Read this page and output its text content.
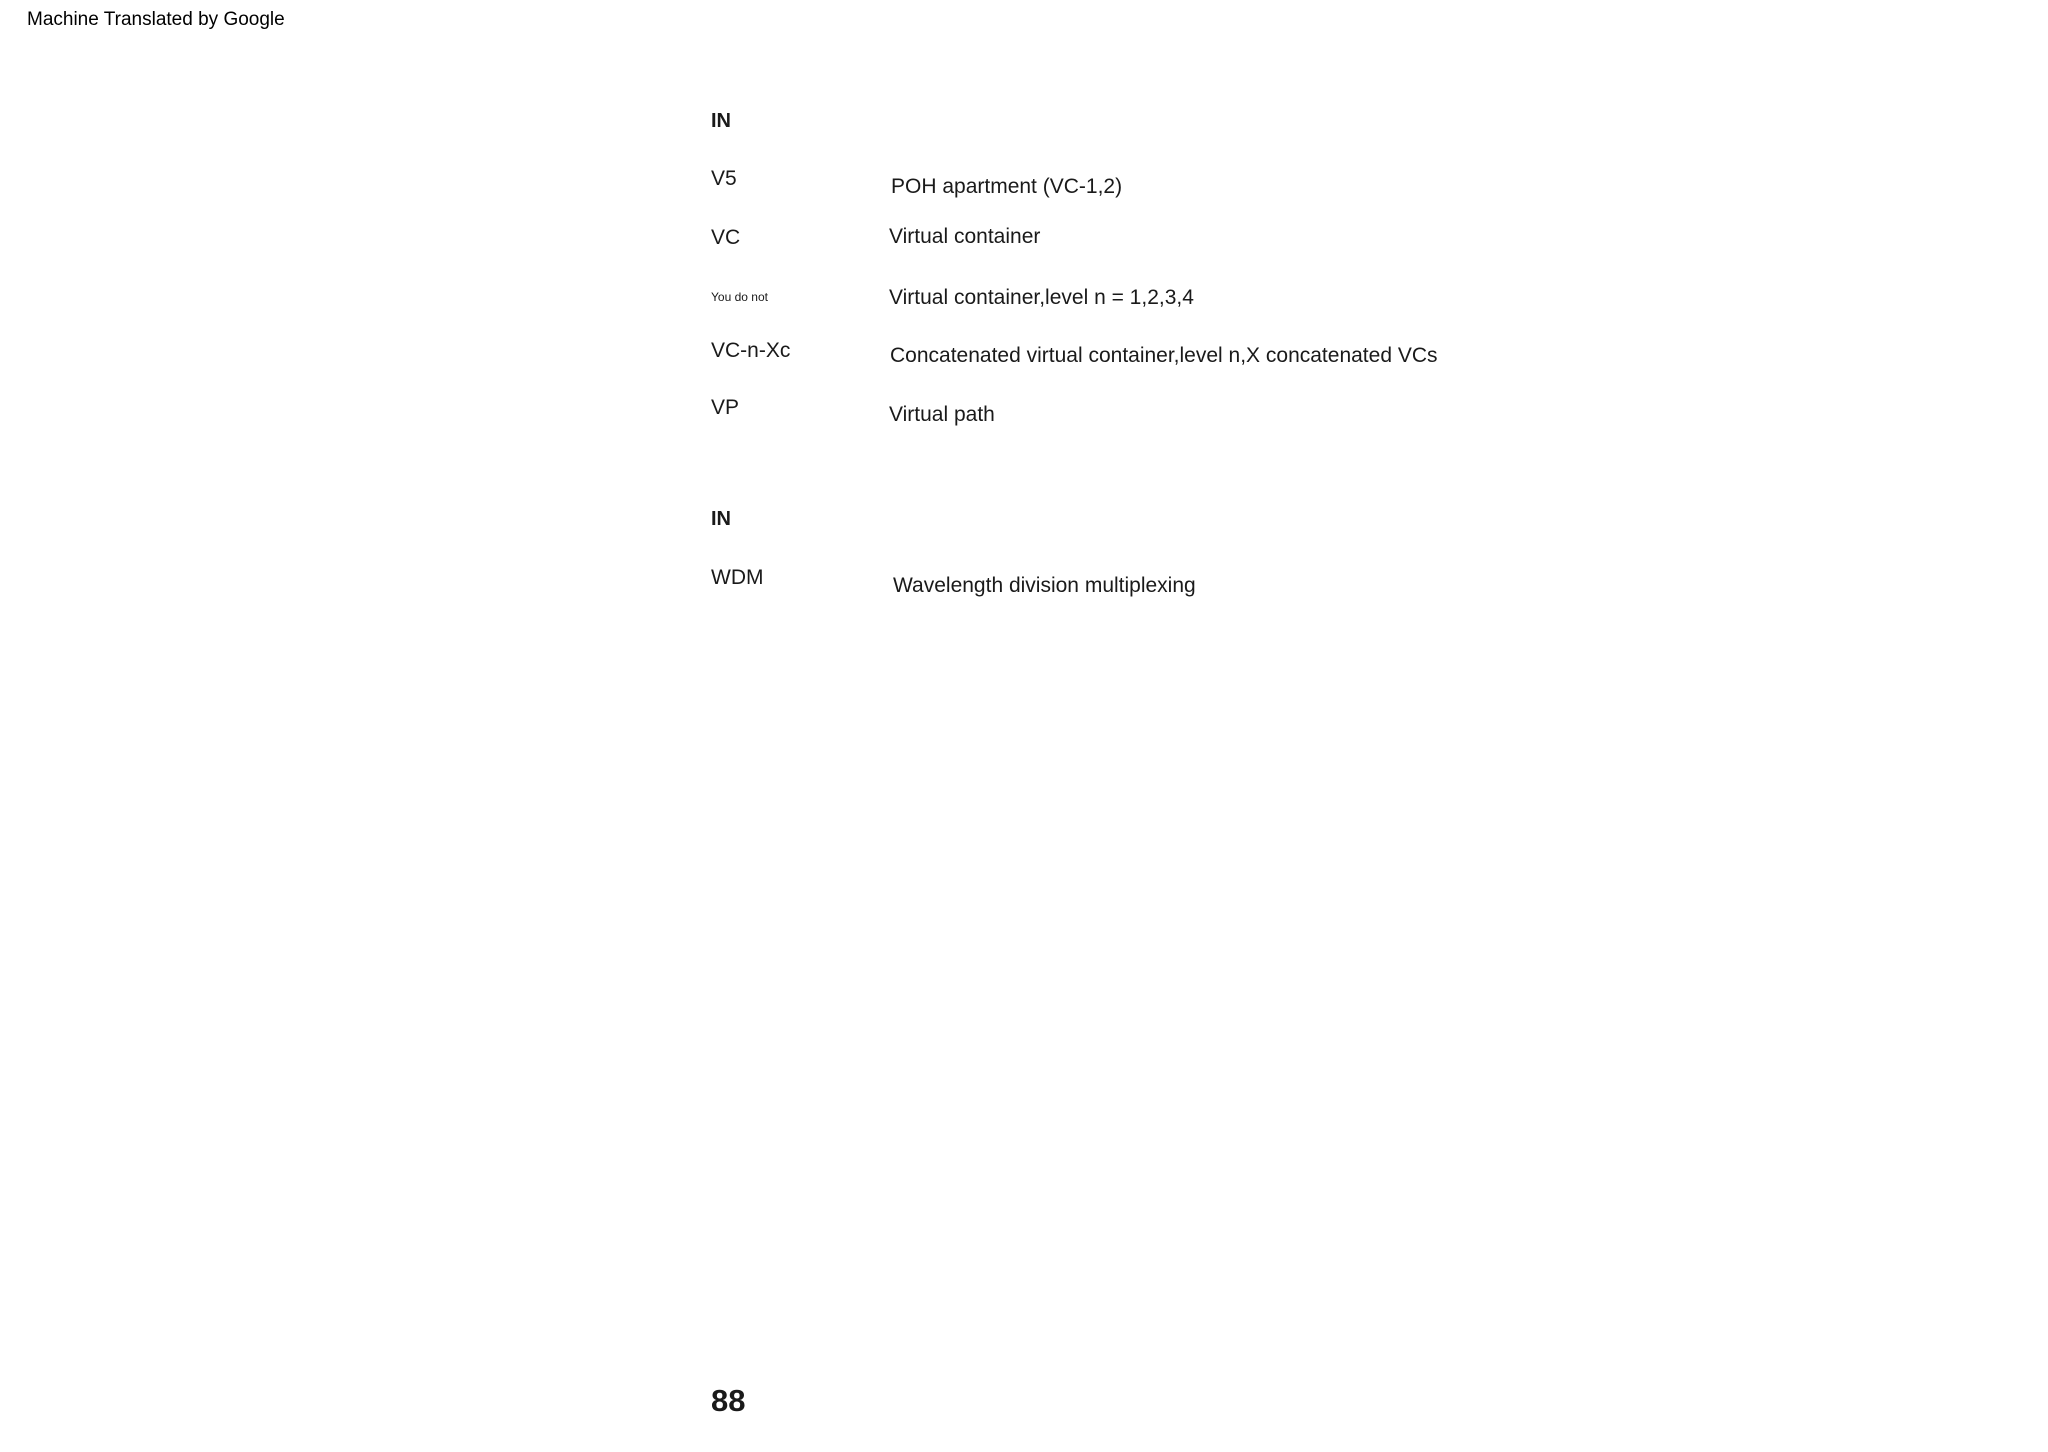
Machine Translated by Google
IN
V5	POH apartment (VC-1,2)
VC	Virtual container
You do not	Virtual container,level n = 1,2,3,4
VC-n-Xc	Concatenated virtual container,level n,X concatenated VCs
VP	Virtual path
IN
WDM	Wavelength division multiplexing
88
